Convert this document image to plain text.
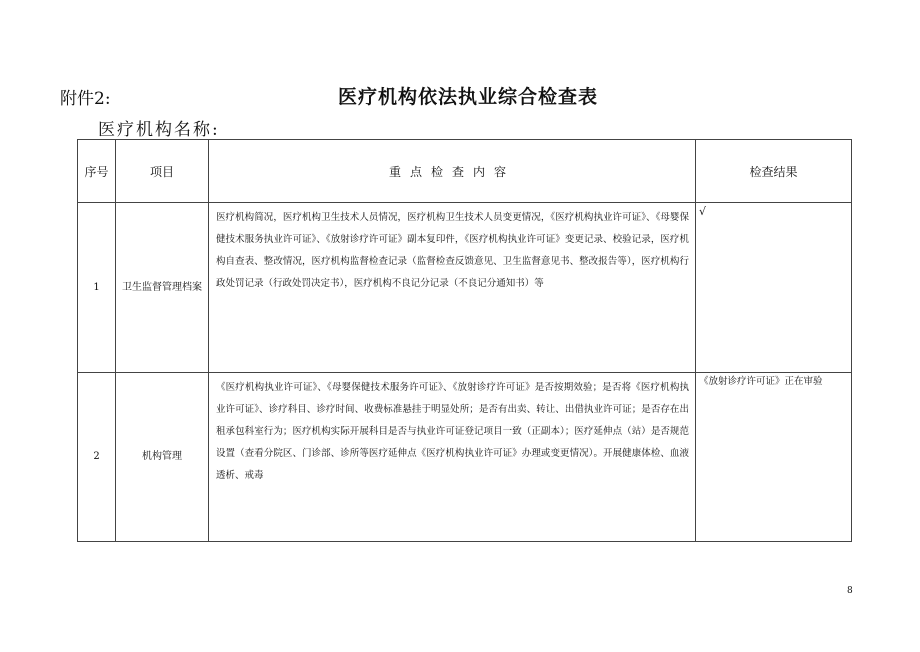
附件2:	医疗机构依法执业综合检查表
医疗机构名称:
序号	项目	重点检查内容	检查结果
1	卫生监督管理档案	医疗机构简况，医疗机构卫生技术人员情况，医疗机构卫生技术人员变更情况，《医疗机构执业许可证》、《母婴保健技术服务执业许可证》、《放射诊疗许可证》副本复印件，《医疗机构执业许可证》变更记录、校验记录，医疗机构自查表、整改情况，医疗机构监督检查记录（监督检查反馈意见、卫生监督意见书、整改报告等），医疗机构行政处罚记录（行政处罚决定书），医疗机构不良记分记录（不良记分通知书）等	√
2	机构管理	《医疗机构执业许可证》、《母婴保健技术服务许可证》、《放射诊疗许可证》是否按期效验；是否将《医疗机构执业许可证》、诊疗科目、诊疗时间、收费标准悬挂于明显处所；是否有出卖、转让、出借执业许可证；是否存在出租承包科室行为；医疗机构实际开展科目是否与执业许可证登记项目一致（正副本）；医疗延伸点（站）是否规范设置（查看分院区、门诊部、诊所等医疗延伸点《医疗机构执业许可证》办理或变更情况）。开展健康体检、血液透析、戒毒	《放射诊疗许可证》正在审验
8
